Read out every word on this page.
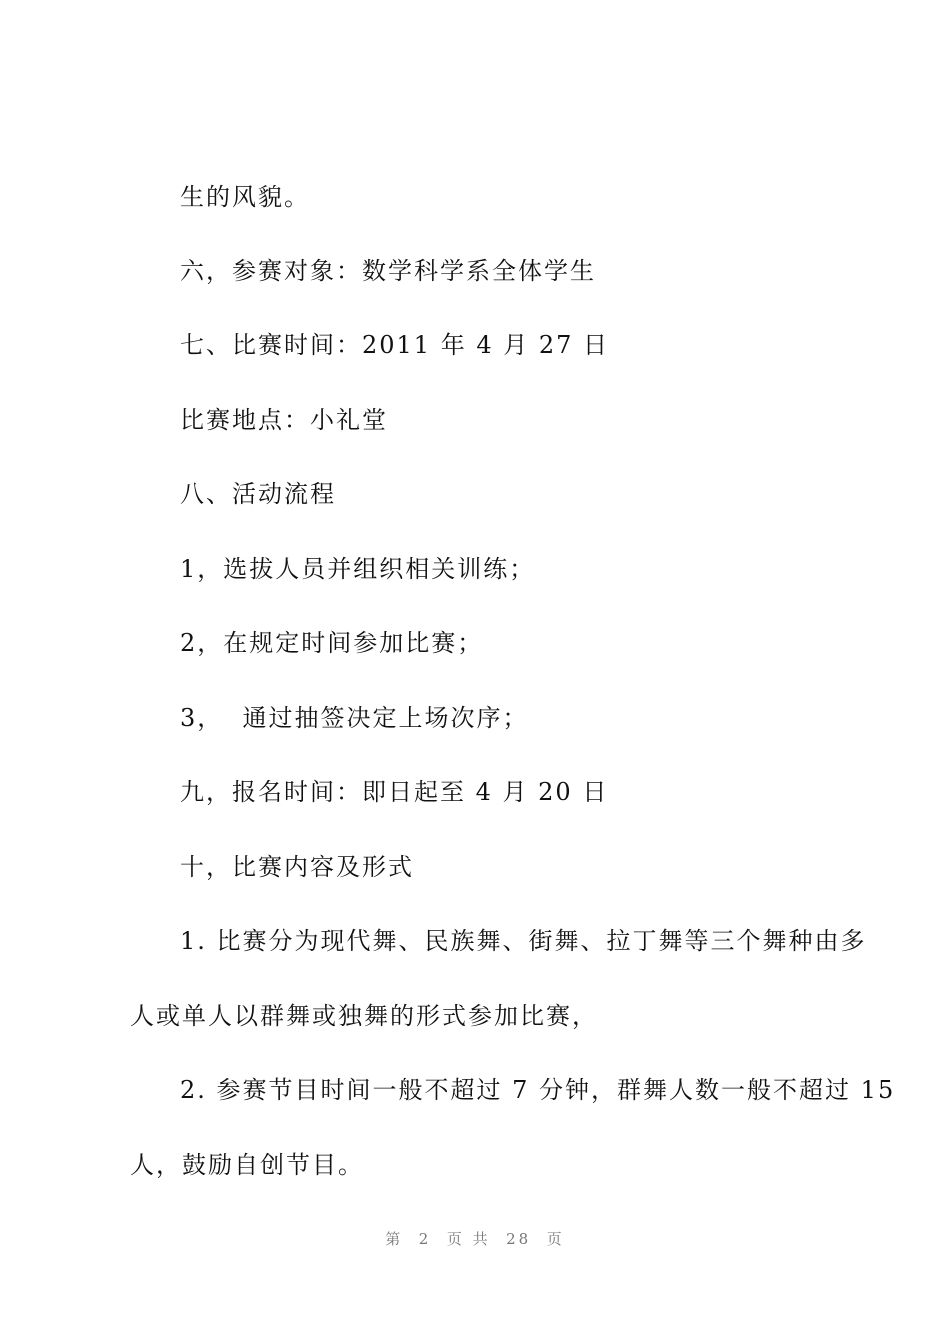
生的风貌。
六，参赛对象：数学科学系全体学生
七、比赛时间：2011 年 4 月 27 日
比赛地点：小礼堂
八、活动流程
1，选拔人员并组织相关训练；
2，在规定时间参加比赛；
3，  通过抽签决定上场次序；
九，报名时间：即日起至 4 月 20 日
十，比赛内容及形式
1. 比赛分为现代舞、民族舞、街舞、拉丁舞等三个舞种由多
人或单人以群舞或独舞的形式参加比赛，
2. 参赛节目时间一般不超过 7 分钟，群舞人数一般不超过 15
人，鼓励自创节目。
第  2  页 共  28  页
